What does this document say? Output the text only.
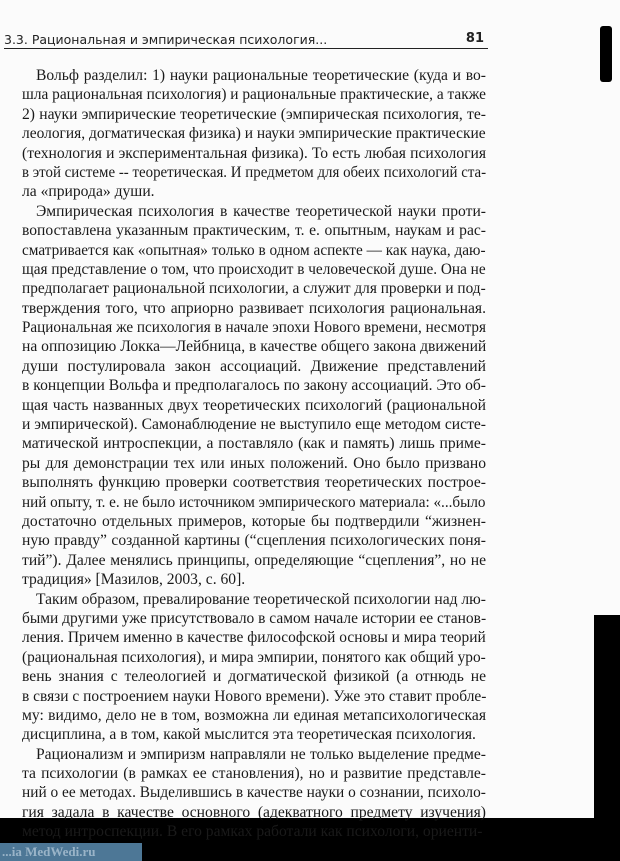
3.3. Рациональная и эмпирическая психология...	81
Вольф разделил: 1) науки рациональные теоретические (куда и во-
шла рациональная психология) и рациональные практические, а также
2) науки эмпирические теоретические (эмпирическая психология, те-
леология, догматическая физика) и науки эмпирические практические
(технология и экспериментальная физика). То есть любая психология
в этой системе -- теоретическая. И предметом для обеих психологий ста-
ла «природа» души.
Эмпирическая психология в качестве теоретической науки проти-
вопоставлена указанным практическим, т. е. опытным, наукам и рас-
сматривается как «опытная» только в одном аспекте — как наука, даю-
щая представление о том, что происходит в человеческой душе. Она не
предполагает рациональной психологии, а служит для проверки и под-
тверждения того, что априорно развивает психология рациональная.
Рациональная же психология в начале эпохи Нового времени, несмотря
на оппозицию Локка—Лейбница, в качестве общего закона движений
души постулировала закон ассоциаций. Движение представлений
в концепции Вольфа и предполагалось по закону ассоциаций. Это об-
щая часть названных двух теоретических психологий (рациональной
и эмпирической). Самонаблюдение не выступило еще методом систе-
матической интроспекции, а поставляло (как и память) лишь приме-
ры для демонстрации тех или иных положений. Оно было призвано
выполнять функцию проверки соответствия теоретических построе-
ний опыту, т. е. не было источником эмпирического материала: «...было
достаточно отдельных примеров, которые бы подтвердили “жизнен-
ную правду” созданной картины (“сцепления психологических поня-
тий”). Далее менялись принципы, определяющие “сцепления”, но не
традиция» [Мазилов, 2003, с. 60].
Таким образом, превалирование теоретической психологии над лю-
быми другими уже присутствовало в самом начале истории ее станов-
ления. Причем именно в качестве философской основы и мира теорий
(рациональная психология), и мира эмпирии, понятого как общий уро-
вень знания с телеологией и догматической физикой (а отнюдь не
в связи с построением науки Нового времени). Уже это ставит пробле-
му: видимо, дело не в том, возможна ли единая метапсихологическая
дисциплина, а в том, какой мыслится эта теоретическая психология.
Рационализм и эмпиризм направляли не только выделение предме-
та психологии (в рамках ее становления), но и развитие представле-
ний о ее методах. Выделившись в качестве науки о сознании, психоло-
гия задала в качестве основного (адекватного предмету изучения)
метод интроспекции. В его рамках работали как психологи, ориенти-
...ia MedWedi.ru
